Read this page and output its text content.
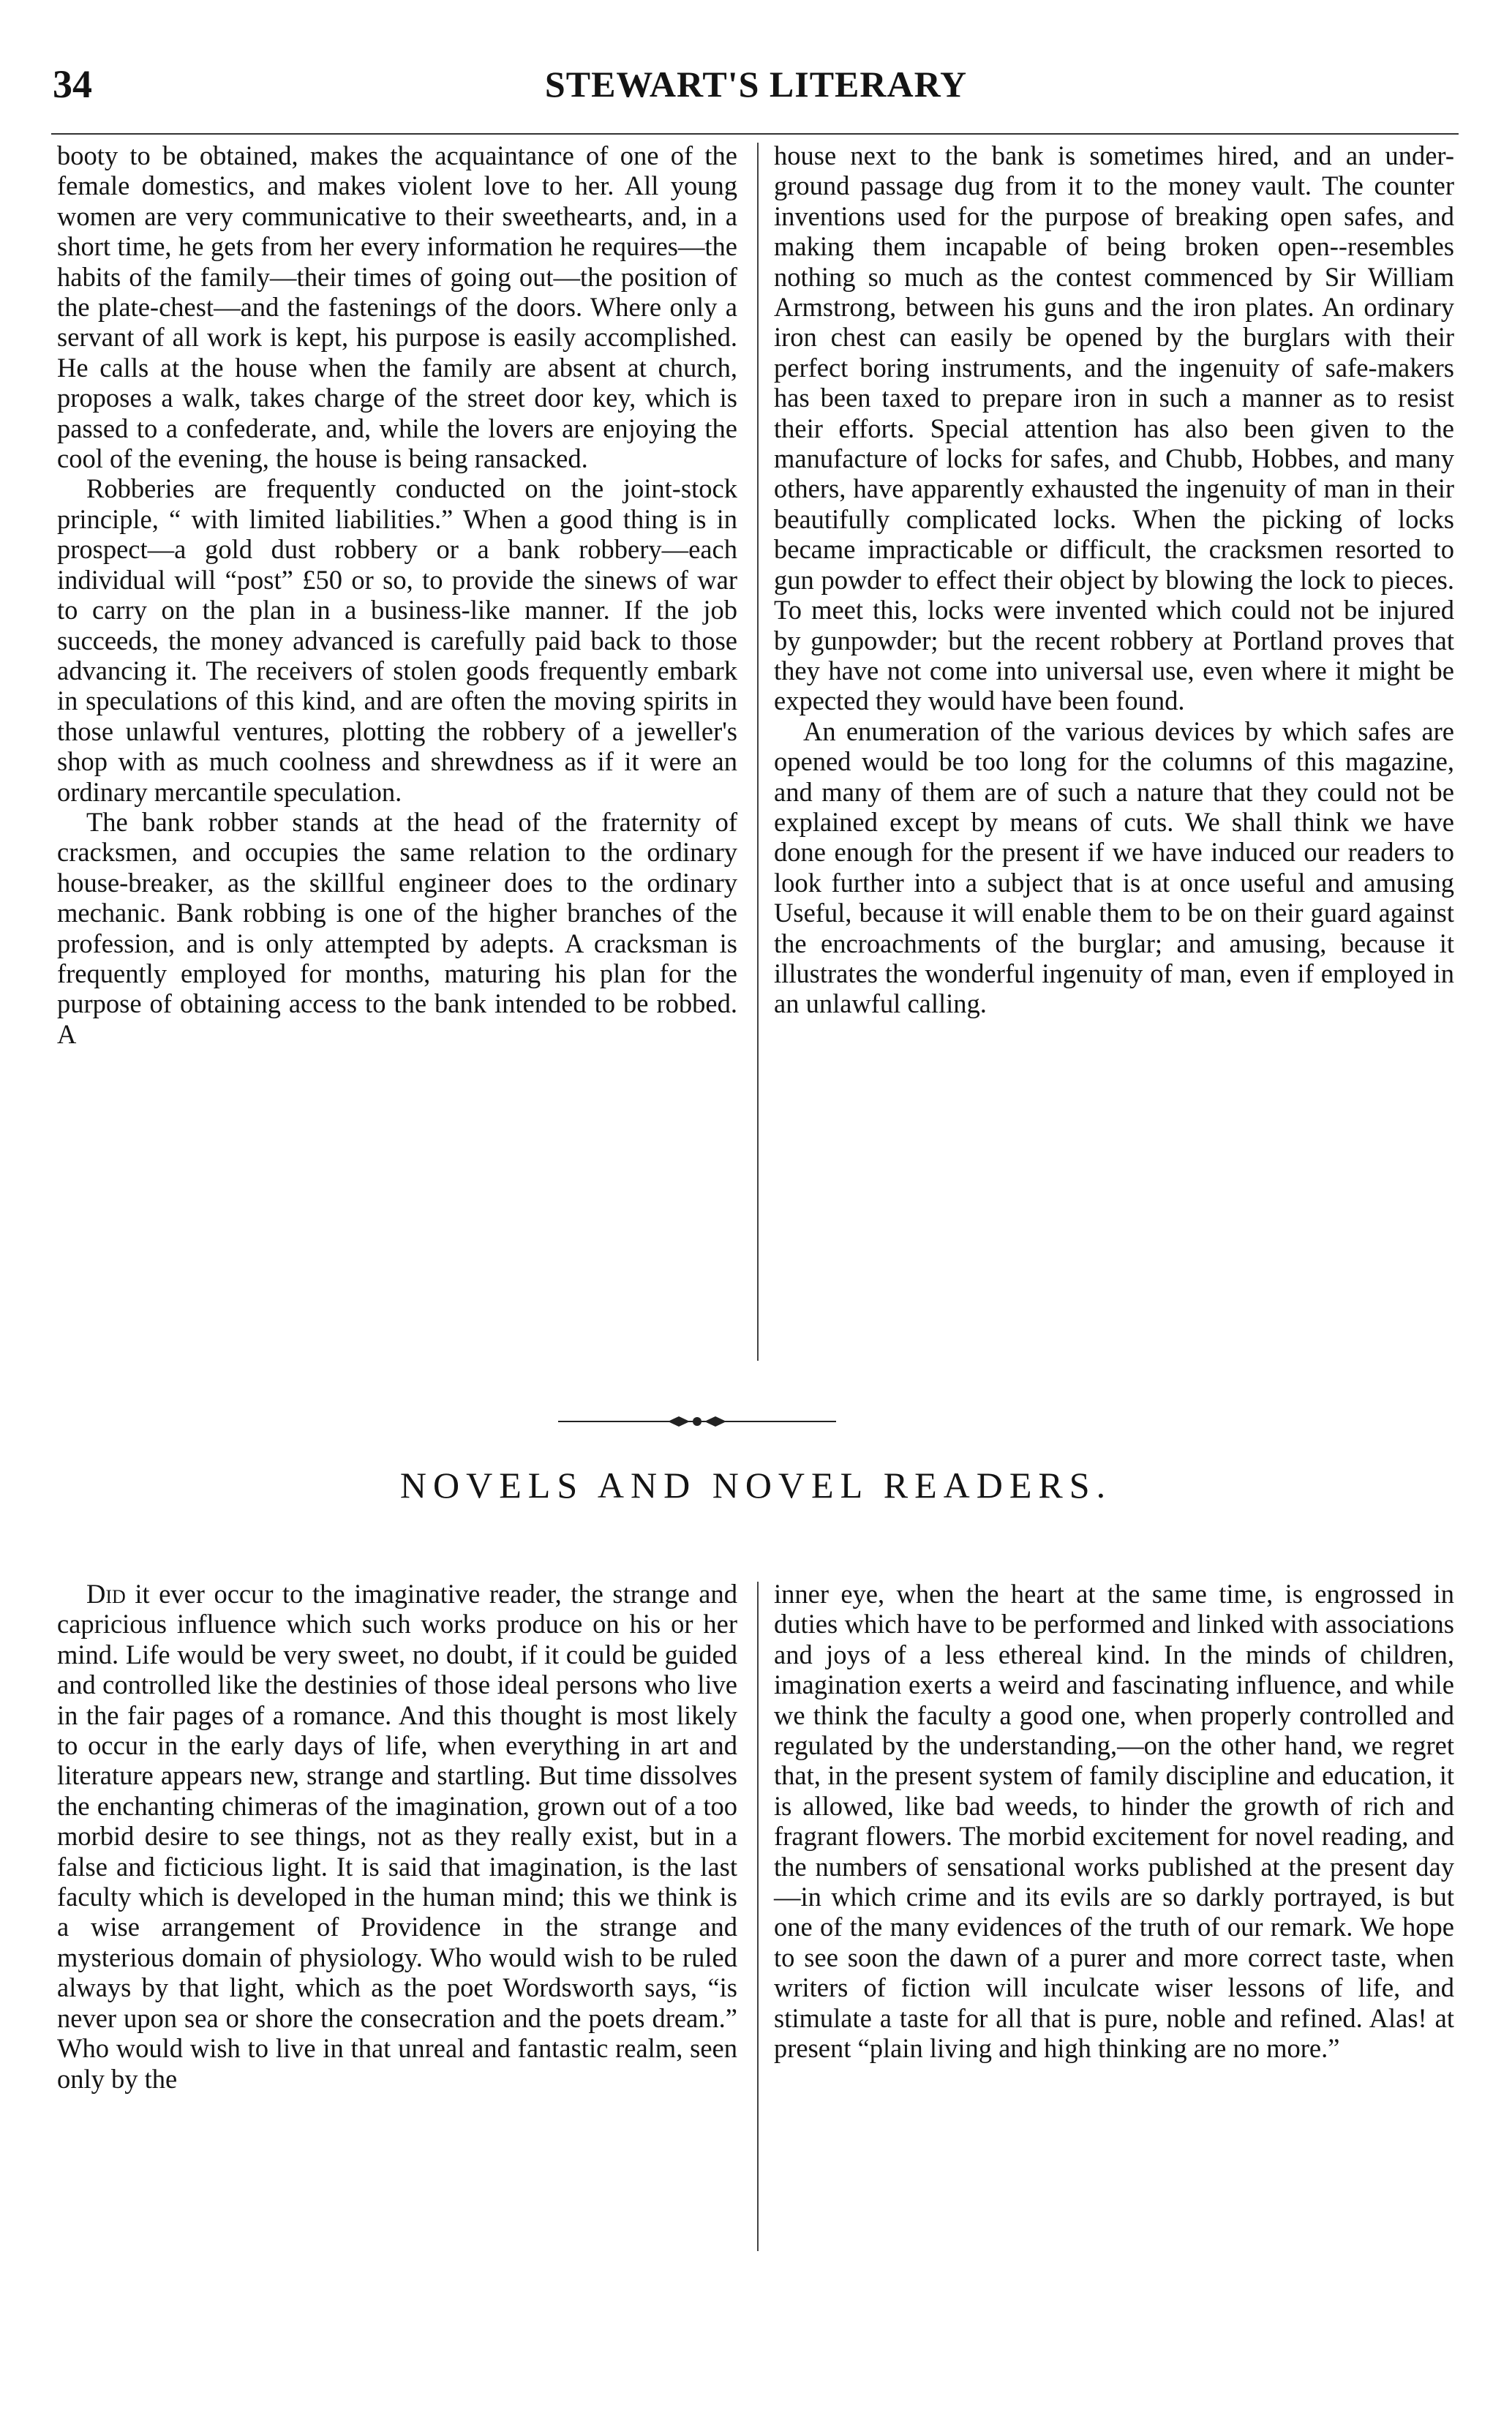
34	STEWART'S LITERARY

booty to be obtained, makes the acquaintance of one of the female domestics, and makes violent love to her. All young women are very communicative to their sweethearts, and, in a short time, he gets from her every information he requires—the habits of the family—their times of going out—the position of the plate-chest—and the fastenings of the doors. Where only a servant of all work is kept, his purpose is easily accomplished. He calls at the house when the family are absent at church, proposes a walk, takes charge of the street door key, which is passed to a confederate, and, while the lovers are enjoying the cool of the evening, the house is being ransacked.

Robberies are frequently conducted on the joint-stock principle, “ with limited liabilities.” When a good thing is in prospect—a gold dust robbery or a bank robbery—each individual will “post” £50 or so, to provide the sinews of war to carry on the plan in a business-like manner. If the job succeeds, the money advanced is carefully paid back to those advancing it. The receivers of stolen goods frequently embark in speculations of this kind, and are often the moving spirits in those unlawful ventures, plotting the robbery of a jeweller's shop with as much coolness and shrewdness as if it were an ordinary mercantile speculation.

The bank robber stands at the head of the fraternity of cracksmen, and occupies the same relation to the ordinary house-breaker, as the skillful engineer does to the ordinary mechanic. Bank robbing is one of the higher branches of the profession, and is only attempted by adepts. A cracksman is frequently employed for months, maturing his plan for the purpose of obtaining access to the bank intended to be robbed. A

house next to the bank is sometimes hired, and an under-ground passage dug from it to the money vault. The counter inventions used for the purpose of breaking open safes, and making them incapable of being broken open--resembles nothing so much as the contest commenced by Sir William Armstrong, between his guns and the iron plates. An ordinary iron chest can easily be opened by the burglars with their perfect boring instruments, and the ingenuity of safe-makers has been taxed to prepare iron in such a manner as to resist their efforts. Special attention has also been given to the manufacture of locks for safes, and Chubb, Hobbes, and many others, have apparently exhausted the ingenuity of man in their beautifully complicated locks. When the picking of locks became impracticable or difficult, the cracksmen resorted to gun powder to effect their object by blowing the lock to pieces. To meet this, locks were invented which could not be injured by gunpowder; but the recent robbery at Portland proves that they have not come into universal use, even where it might be expected they would have been found.

An enumeration of the various devices by which safes are opened would be too long for the columns of this magazine, and many of them are of such a nature that they could not be explained except by means of cuts. We shall think we have done enough for the present if we have induced our readers to look further into a subject that is at once useful and amusing Useful, because it will enable them to be on their guard against the encroachments of the burglar; and amusing, because it illustrates the wonderful ingenuity of man, even if employed in an unlawful calling.

NOVELS AND NOVEL READERS.

Did it ever occur to the imaginative reader, the strange and capricious influence which such works produce on his or her mind. Life would be very sweet, no doubt, if it could be guided and controlled like the destinies of those ideal persons who live in the fair pages of a romance. And this thought is most likely to occur in the early days of life, when everything in art and literature appears new, strange and startling. But time dissolves the enchanting chimeras of the imagination, grown out of a too morbid desire to see things, not as they really exist, but in a false and ficticious light. It is said that imagination, is the last faculty which is developed in the human mind; this we think is a wise arrangement of Providence in the strange and mysterious domain of physiology. Who would wish to be ruled always by that light, which as the poet Wordsworth says, “is never upon sea or shore the consecration and the poets dream.” Who would wish to live in that unreal and fantastic realm, seen only by the

inner eye, when the heart at the same time, is engrossed in duties which have to be performed and linked with associations and joys of a less ethereal kind. In the minds of children, imagination exerts a weird and fascinating influence, and while we think the faculty a good one, when properly controlled and regulated by the understanding,—on the other hand, we regret that, in the present system of family discipline and education, it is allowed, like bad weeds, to hinder the growth of rich and fragrant flowers. The morbid excitement for novel reading, and the numbers of sensational works published at the present day—in which crime and its evils are so darkly portrayed, is but one of the many evidences of the truth of our remark. We hope to see soon the dawn of a purer and more correct taste, when writers of fiction will inculcate wiser lessons of life, and stimulate a taste for all that is pure, noble and refined. Alas! at present “plain living and high thinking are no more.”
